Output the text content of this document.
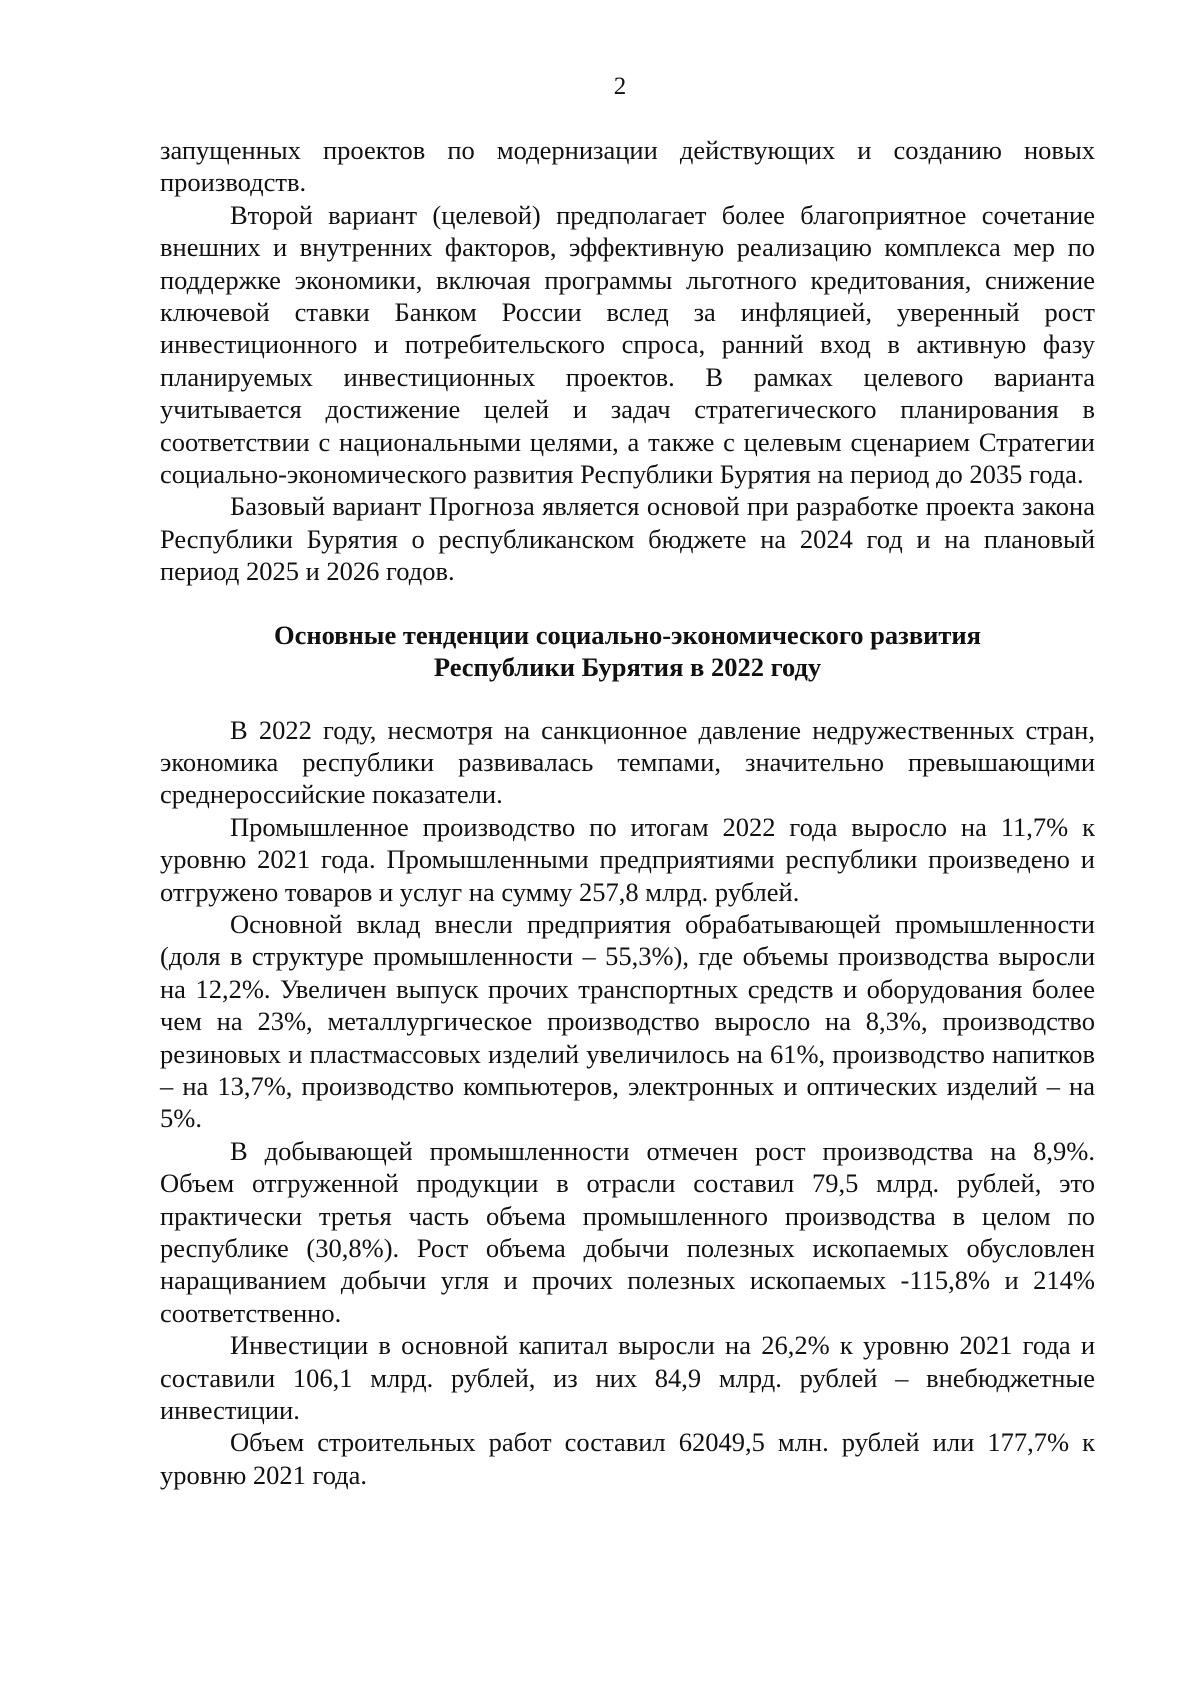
2

запущенных проектов по модернизации действующих и созданию новых производств.

Второй вариант (целевой) предполагает более благоприятное сочетание внешних и внутренних факторов, эффективную реализацию комплекса мер по поддержке экономики, включая программы льготного кредитования, снижение ключевой ставки Банком России вслед за инфляцией, уверенный рост инвестиционного и потребительского спроса, ранний вход в активную фазу планируемых инвестиционных проектов. В рамках целевого варианта учитывается достижение целей и задач стратегического планирования в соответствии с национальными целями, а также с целевым сценарием Стратегии социально-экономического развития Республики Бурятия на период до 2035 года.

Базовый вариант Прогноза является основой при разработке проекта закона Республики Бурятия о республиканском бюджете на 2024 год и на плановый период 2025 и 2026 годов.

Основные тенденции социально-экономического развития
Республики Бурятия в 2022 году

В 2022 году, несмотря на санкционное давление недружественных стран, экономика республики развивалась темпами, значительно превышающими среднероссийские показатели.

Промышленное производство по итогам 2022 года выросло на 11,7% к уровню 2021 года. Промышленными предприятиями республики произведено и отгружено товаров и услуг на сумму 257,8 млрд. рублей.

Основной вклад внесли предприятия обрабатывающей промышленности (доля в структуре промышленности – 55,3%), где объемы производства выросли на 12,2%. Увеличен выпуск прочих транспортных средств и оборудования более чем на 23%, металлургическое производство выросло на 8,3%, производство резиновых и пластмассовых изделий увеличилось на 61%, производство напитков – на 13,7%, производство компьютеров, электронных и оптических изделий – на 5%.

В добывающей промышленности отмечен рост производства на 8,9%. Объем отгруженной продукции в отрасли составил 79,5 млрд. рублей, это практически третья часть объема промышленного производства в целом по республике (30,8%). Рост объема добычи полезных ископаемых обусловлен наращиванием добычи угля и прочих полезных ископаемых -115,8% и 214% соответственно.

Инвестиции в основной капитал выросли на 26,2% к уровню 2021 года и составили 106,1 млрд. рублей, из них 84,9 млрд. рублей – внебюджетные инвестиции.

Объем строительных работ составил 62049,5 млн. рублей или 177,7% к уровню 2021 года.
